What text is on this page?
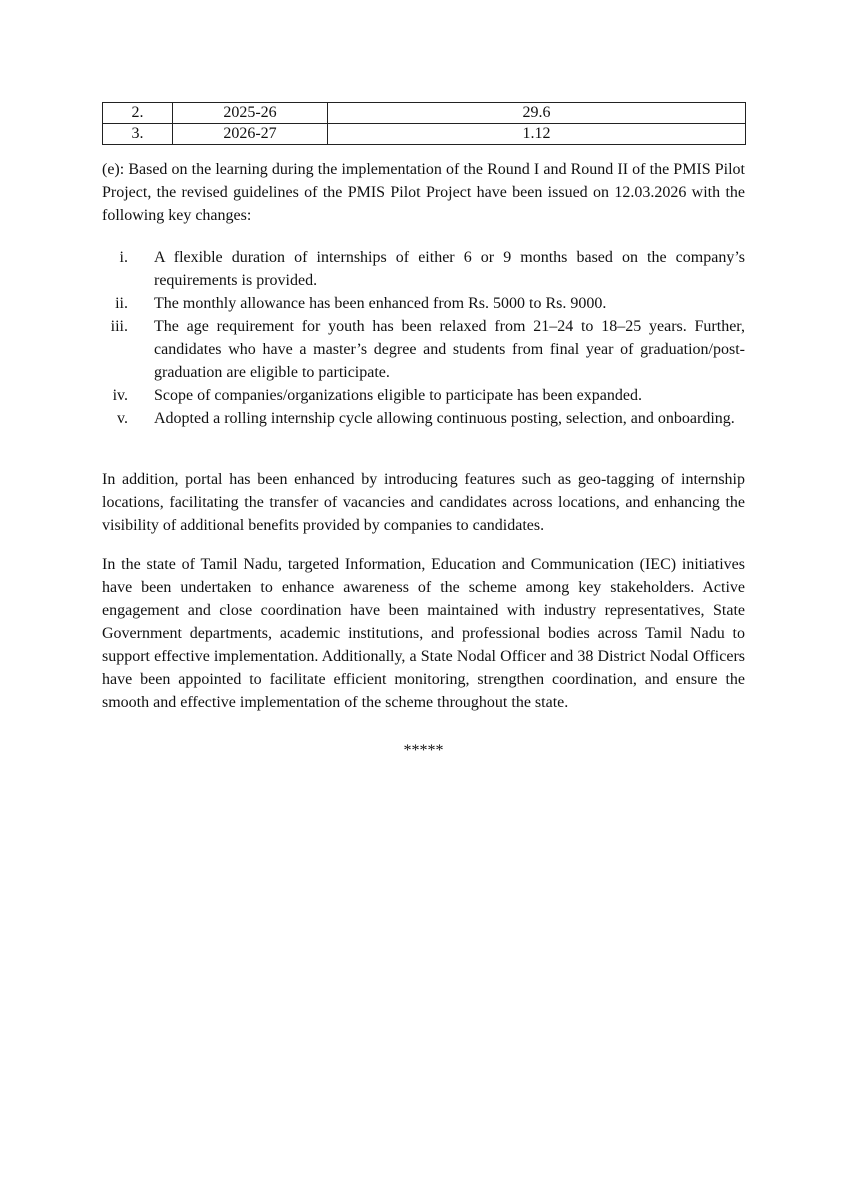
2.	2025-26	29.6
3.	2026-27	1.12

(e): Based on the learning during the implementation of the Round I and Round II of the PMIS Pilot Project, the revised guidelines of the PMIS Pilot Project have been issued on 12.03.2026 with the following key changes:

i. A flexible duration of internships of either 6 or 9 months based on the company’s requirements is provided.
ii. The monthly allowance has been enhanced from Rs. 5000 to Rs. 9000.
iii. The age requirement for youth has been relaxed from 21–24 to 18–25 years. Further, candidates who have a master’s degree and students from final year of graduation/post-graduation are eligible to participate.
iv. Scope of companies/organizations eligible to participate has been expanded.
v. Adopted a rolling internship cycle allowing continuous posting, selection, and onboarding.

In addition, portal has been enhanced by introducing features such as geo-tagging of internship locations, facilitating the transfer of vacancies and candidates across locations, and enhancing the visibility of additional benefits provided by companies to candidates.

In the state of Tamil Nadu, targeted Information, Education and Communication (IEC) initiatives have been undertaken to enhance awareness of the scheme among key stakeholders. Active engagement and close coordination have been maintained with industry representatives, State Government departments, academic institutions, and professional bodies across Tamil Nadu to support effective implementation. Additionally, a State Nodal Officer and 38 District Nodal Officers have been appointed to facilitate efficient monitoring, strengthen coordination, and ensure the smooth and effective implementation of the scheme throughout the state.

*****
